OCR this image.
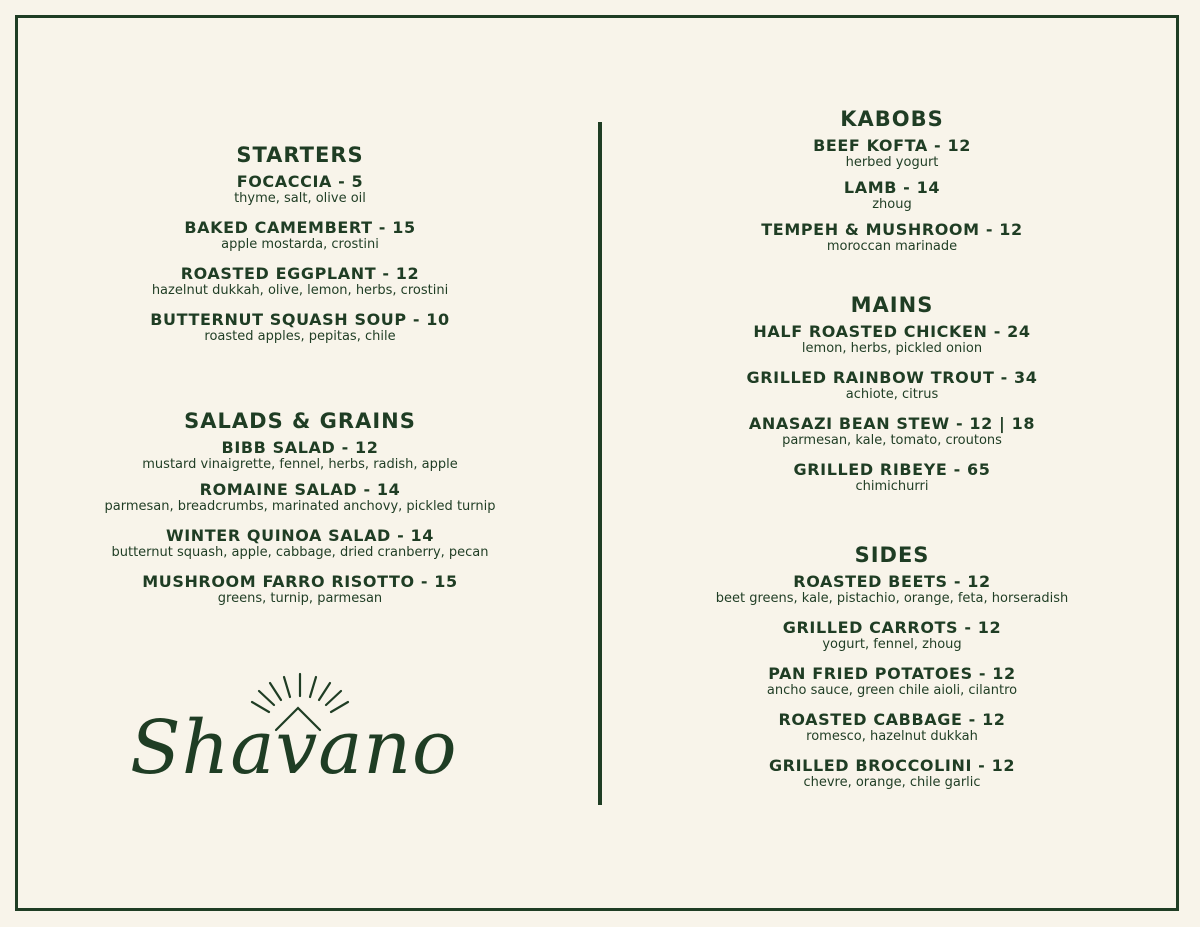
STARTERS
FOCACCIA - 5
thyme, salt, olive oil
BAKED CAMEMBERT - 15
apple mostarda, crostini
ROASTED EGGPLANT - 12
hazelnut dukkah, olive, lemon, herbs, crostini
BUTTERNUT SQUASH SOUP - 10
roasted apples, pepitas, chile
SALADS & GRAINS
BIBB SALAD - 12
mustard vinaigrette, fennel, herbs, radish, apple
ROMAINE SALAD - 14
parmesan, breadcrumbs, marinated anchovy, pickled turnip
WINTER QUINOA SALAD - 14
butternut squash, apple, cabbage, dried cranberry, pecan
MUSHROOM FARRO RISOTTO - 15
greens, turnip, parmesan
Shavano
KABOBS
BEEF KOFTA - 12
herbed yogurt
LAMB - 14
zhoug
TEMPEH & MUSHROOM - 12
moroccan marinade
MAINS
HALF ROASTED CHICKEN - 24
lemon, herbs, pickled onion
GRILLED RAINBOW TROUT - 34
achiote, citrus
ANASAZI BEAN STEW - 12 | 18
parmesan, kale, tomato, croutons
GRILLED RIBEYE - 65
chimichurri
SIDES
ROASTED BEETS - 12
beet greens, kale, pistachio, orange, feta, horseradish
GRILLED CARROTS - 12
yogurt, fennel, zhoug
PAN FRIED POTATOES - 12
ancho sauce, green chile aioli, cilantro
ROASTED CABBAGE - 12
romesco, hazelnut dukkah
GRILLED BROCCOLINI - 12
chevre, orange, chile garlic
